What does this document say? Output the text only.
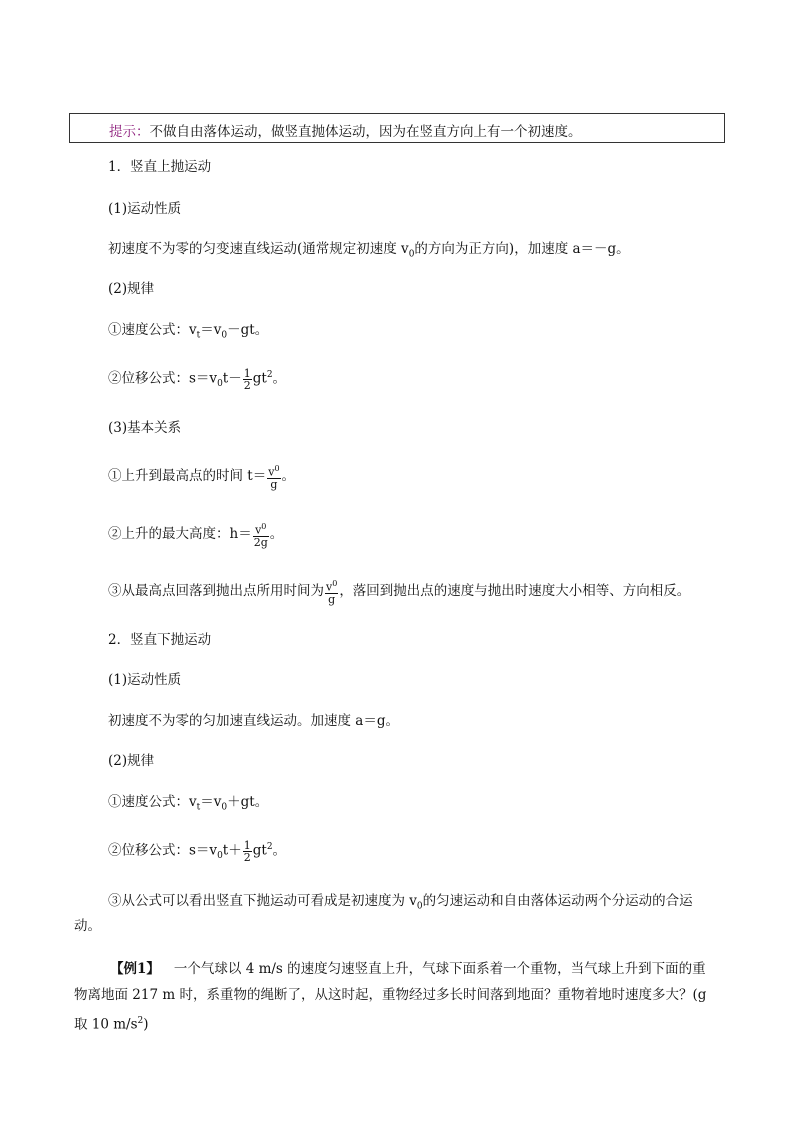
提示：不做自由落体运动，做竖直抛体运动，因为在竖直方向上有一个初速度。
1．竖直上抛运动
(1)运动性质
初速度不为零的匀变速直线运动(通常规定初速度 $v_0$的方向为正方向)，加速度 a＝－g。
(2)规律
①速度公式：$v_t=v_0-gt$。
②位移公式：$s=v_0t- \frac{1}{2} gt^2$。
(3)基本关系
①上升到最高点的时间 $t= \frac{v^0}{g}$ 。
②上升的最大高度：$h= \frac{v^0}{2g}$ 。
③从最高点回落到抛出点所用时间为 $\frac{v^0}{g}$ ，落回到抛出点的速度与抛出时速度大小相等、方向相反。
2．竖直下抛运动
(1)运动性质
初速度不为零的匀加速直线运动。加速度 a＝g。
(2)规律
①速度公式：$v_t=v_0+gt$。
②位移公式：$s=v_0t+ \frac{1}{2} gt^2$。
③从公式可以看出竖直下抛运动可看成是初速度为 $v_0$的匀速运动和自由落体运动两个分运动的合运
动。
【例1】 一个气球以 4 m/s 的速度匀速竖直上升，气球下面系着一个重物，当气球上升到下面的重
物离地面 217 m 时，系重物的绳断了，从这时起，重物经过多长时间落到地面？重物着地时速度多大？(g
取 10 $m/s^2$)
